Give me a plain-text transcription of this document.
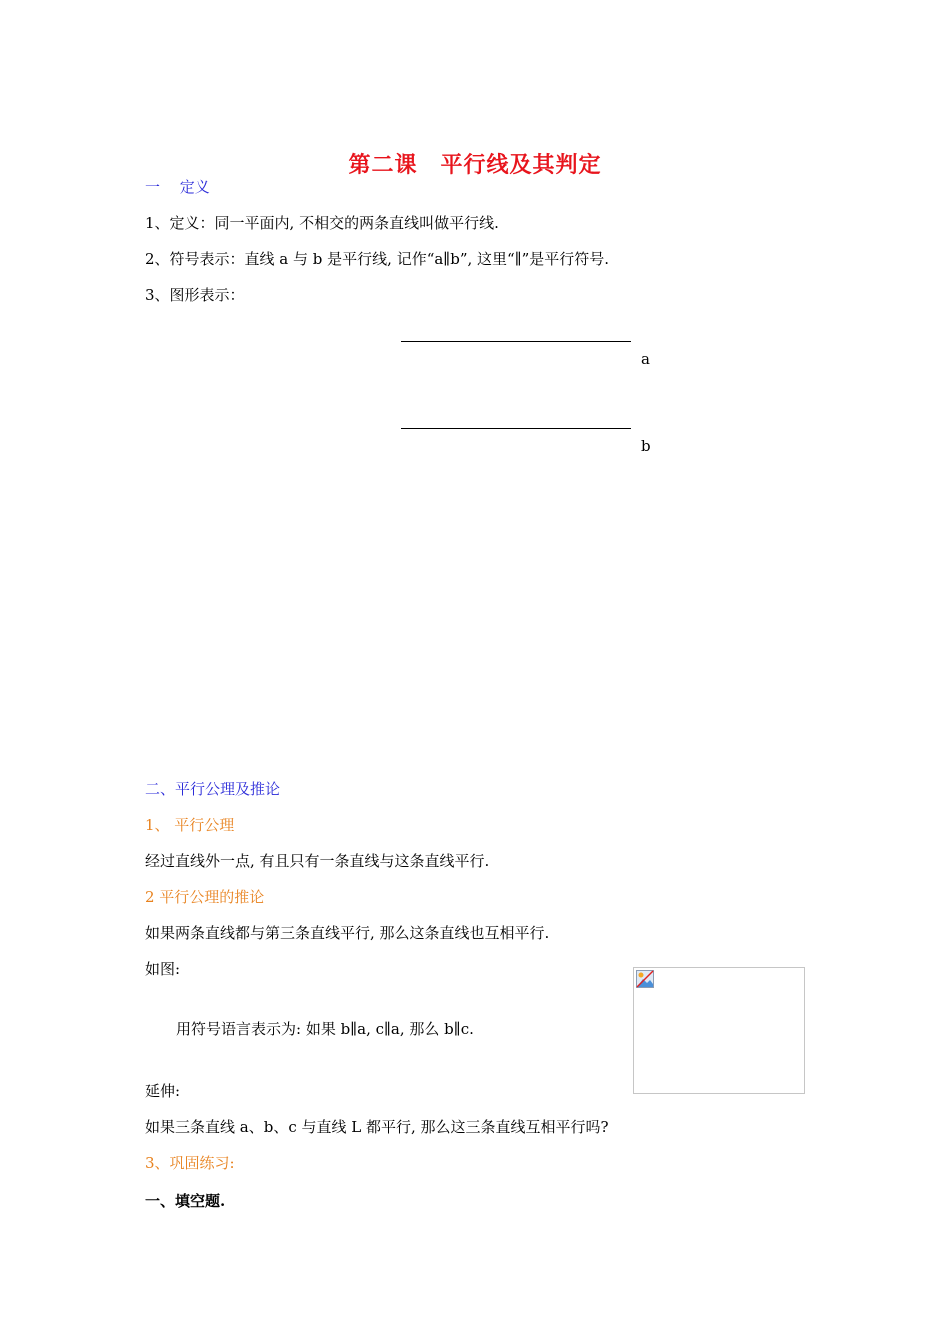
第二课　平行线及其判定
一　 定义
1、定义：同一平面内, 不相交的两条直线叫做平行线.
2、符号表示：直线 a 与 b 是平行线, 记作“a∥b”, 这里“∥”是平行符号.
3、图形表示：
a
b
二、平行公理及推论
1、 平行公理
经过直线外一点, 有且只有一条直线与这条直线平行.
2 平行公理的推论
如果两条直线都与第三条直线平行, 那么这条直线也互相平行.
如图:
用符号语言表示为: 如果 b∥a, c∥a, 那么 b∥c.
延伸:
如果三条直线 a、b、c 与直线 L 都平行, 那么这三条直线互相平行吗?
3、巩固练习:
一、填空题.
